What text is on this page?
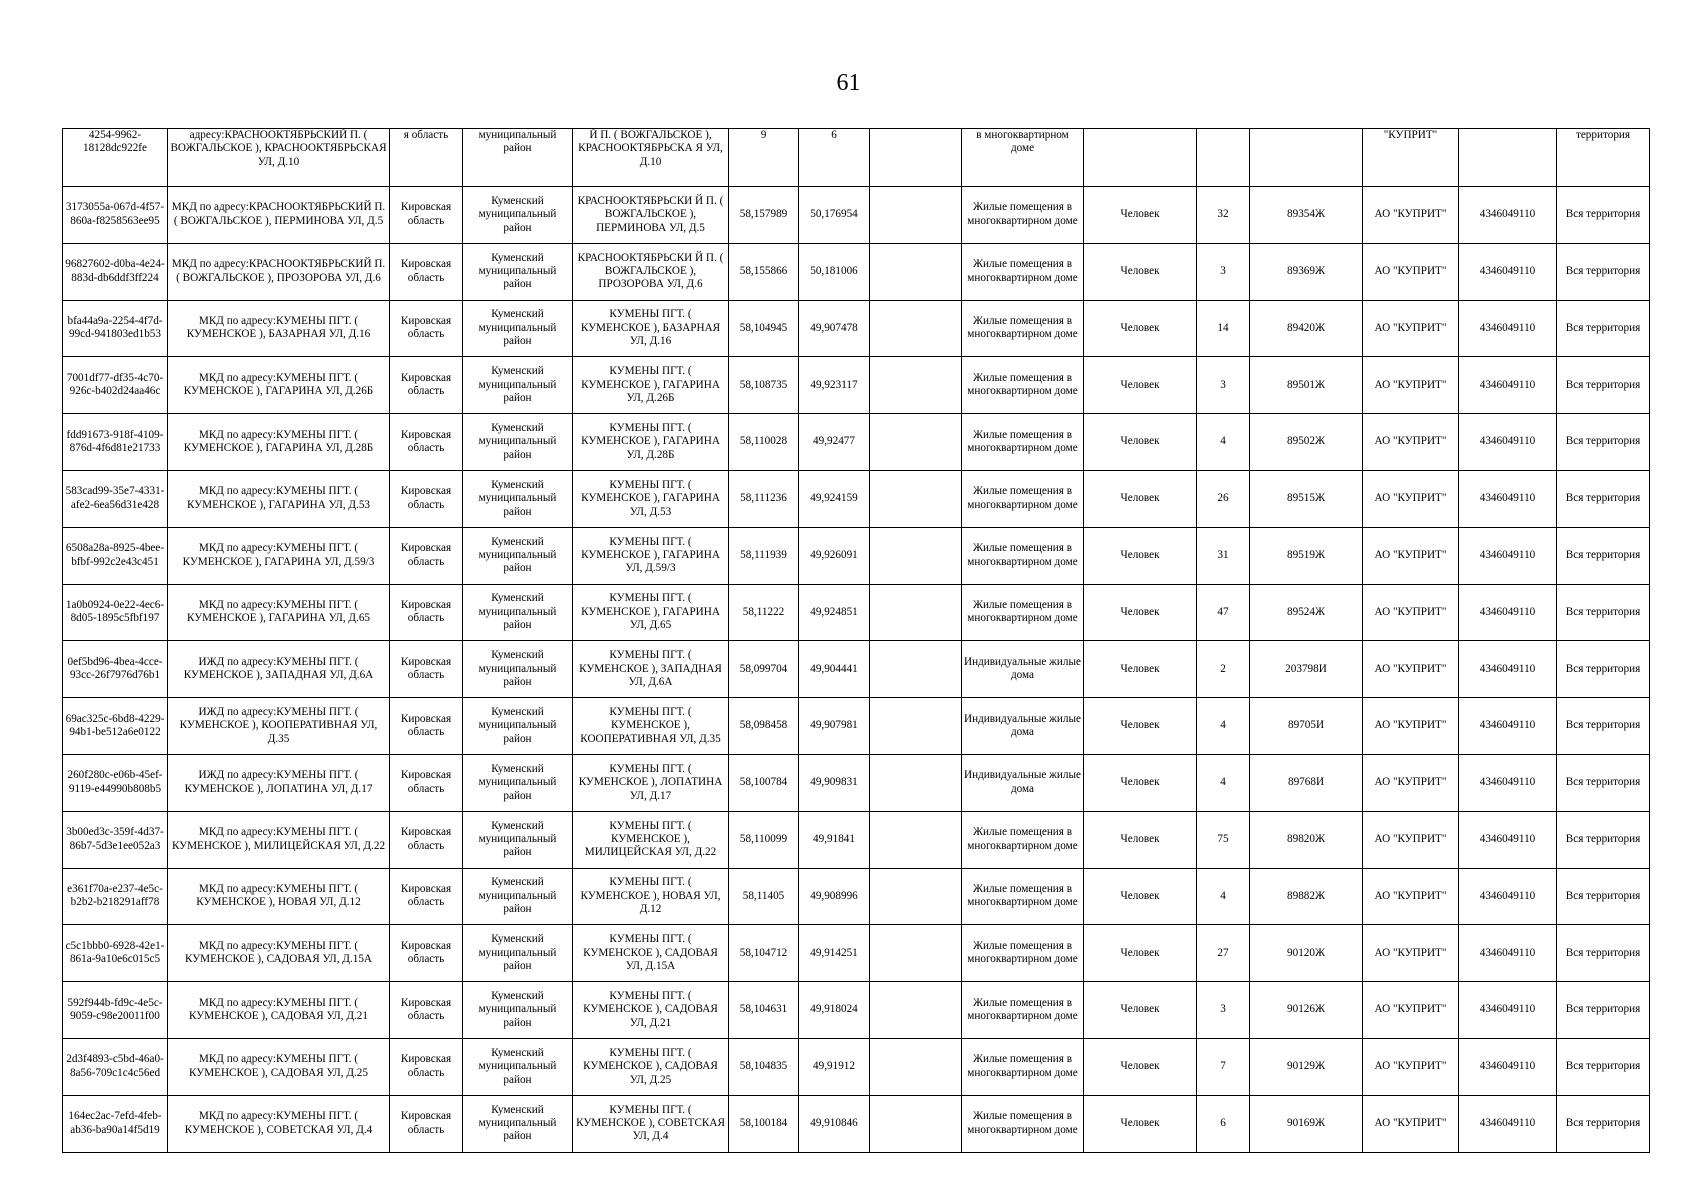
61
4254-9962-18128dc922fe	адресу:КРАСНООКТЯБРЬСКИЙ П. ( ВОЖГАЛЬСКОЕ ), КРАСНООКТЯБРЬСКАЯ УЛ, Д.10	я область	муниципальный район	Й П. ( ВОЖГАЛЬСКОЕ ), КРАСНООКТЯБРЬСКА Я УЛ, Д.10	9	6		в многоквартирном доме				"КУПРИТ"		территория
3173055a-067d-4f57-860a-f8258563ee95	МКД по адресу:КРАСНООКТЯБРЬСКИЙ П. ( ВОЖГАЛЬСКОЕ ), ПЕРМИНОВА УЛ, Д.5	Кировская область	Куменский муниципальный район	КРАСНООКТЯБРЬСКИ Й П. ( ВОЖГАЛЬСКОЕ ), ПЕРМИНОВА УЛ, Д.5	58,157989	50,176954		Жилые помещения в многоквартирном доме	Человек	32	89354Ж	АО "КУПРИТ"	4346049110	Вся территория
96827602-d0ba-4e24-883d-db6ddf3ff224	МКД по адресу:КРАСНООКТЯБРЬСКИЙ П. ( ВОЖГАЛЬСКОЕ ), ПРОЗОРОВА УЛ, Д.6	Кировская область	Куменский муниципальный район	КРАСНООКТЯБРЬСКИ Й П. ( ВОЖГАЛЬСКОЕ ), ПРОЗОРОВА УЛ, Д.6	58,155866	50,181006		Жилые помещения в многоквартирном доме	Человек	3	89369Ж	АО "КУПРИТ"	4346049110	Вся территория
bfa44a9a-2254-4f7d-99cd-941803ed1b53	МКД по адресу:КУМЕНЫ ПГТ. ( КУМЕНСКОЕ ), БАЗАРНАЯ УЛ, Д.16	Кировская область	Куменский муниципальный район	КУМЕНЫ ПГТ. ( КУМЕНСКОЕ ), БАЗАРНАЯ УЛ, Д.16	58,104945	49,907478		Жилые помещения в многоквартирном доме	Человек	14	89420Ж	АО "КУПРИТ"	4346049110	Вся территория
7001df77-df35-4c70-926c-b402d24aa46c	МКД по адресу:КУМЕНЫ ПГТ. ( КУМЕНСКОЕ ), ГАГАРИНА УЛ, Д.26Б	Кировская область	Куменский муниципальный район	КУМЕНЫ ПГТ. ( КУМЕНСКОЕ ), ГАГАРИНА УЛ, Д.26Б	58,108735	49,923117		Жилые помещения в многоквартирном доме	Человек	3	89501Ж	АО "КУПРИТ"	4346049110	Вся территория
fdd91673-918f-4109-876d-4f6d81e21733	МКД по адресу:КУМЕНЫ ПГТ. ( КУМЕНСКОЕ ), ГАГАРИНА УЛ, Д.28Б	Кировская область	Куменский муниципальный район	КУМЕНЫ ПГТ. ( КУМЕНСКОЕ ), ГАГАРИНА УЛ, Д.28Б	58,110028	49,92477		Жилые помещения в многоквартирном доме	Человек	4	89502Ж	АО "КУПРИТ"	4346049110	Вся территория
583cad99-35e7-4331-afe2-6ea56d31e428	МКД по адресу:КУМЕНЫ ПГТ. ( КУМЕНСКОЕ ), ГАГАРИНА УЛ, Д.53	Кировская область	Куменский муниципальный район	КУМЕНЫ ПГТ. ( КУМЕНСКОЕ ), ГАГАРИНА УЛ, Д.53	58,111236	49,924159		Жилые помещения в многоквартирном доме	Человек	26	89515Ж	АО "КУПРИТ"	4346049110	Вся территория
6508a28a-8925-4bee-bfbf-992c2e43c451	МКД по адресу:КУМЕНЫ ПГТ. ( КУМЕНСКОЕ ), ГАГАРИНА УЛ, Д.59/3	Кировская область	Куменский муниципальный район	КУМЕНЫ ПГТ. ( КУМЕНСКОЕ ), ГАГАРИНА УЛ, Д.59/3	58,111939	49,926091		Жилые помещения в многоквартирном доме	Человек	31	89519Ж	АО "КУПРИТ"	4346049110	Вся территория
1a0b0924-0e22-4ec6-8d05-1895c5fbf197	МКД по адресу:КУМЕНЫ ПГТ. ( КУМЕНСКОЕ ), ГАГАРИНА УЛ, Д.65	Кировская область	Куменский муниципальный район	КУМЕНЫ ПГТ. ( КУМЕНСКОЕ ), ГАГАРИНА УЛ, Д.65	58,11222	49,924851		Жилые помещения в многоквартирном доме	Человек	47	89524Ж	АО "КУПРИТ"	4346049110	Вся территория
0ef5bd96-4bea-4cce-93cc-26f7976d76b1	ИЖД по адресу:КУМЕНЫ ПГТ. ( КУМЕНСКОЕ ), ЗАПАДНАЯ УЛ, Д.6А	Кировская область	Куменский муниципальный район	КУМЕНЫ ПГТ. ( КУМЕНСКОЕ ), ЗАПАДНАЯ УЛ, Д.6А	58,099704	49,904441		Индивидуальные жилые дома	Человек	2	203798И	АО "КУПРИТ"	4346049110	Вся территория
69ac325c-6bd8-4229-94b1-be512a6e0122	ИЖД по адресу:КУМЕНЫ ПГТ. ( КУМЕНСКОЕ ), КООПЕРАТИВНАЯ УЛ, Д.35	Кировская область	Куменский муниципальный район	КУМЕНЫ ПГТ. ( КУМЕНСКОЕ ), КООПЕРАТИВНАЯ УЛ, Д.35	58,098458	49,907981		Индивидуальные жилые дома	Человек	4	89705И	АО "КУПРИТ"	4346049110	Вся территория
260f280c-e06b-45ef-9119-e44990b808b5	ИЖД по адресу:КУМЕНЫ ПГТ. ( КУМЕНСКОЕ ), ЛОПАТИНА УЛ, Д.17	Кировская область	Куменский муниципальный район	КУМЕНЫ ПГТ. ( КУМЕНСКОЕ ), ЛОПАТИНА УЛ, Д.17	58,100784	49,909831		Индивидуальные жилые дома	Человек	4	89768И	АО "КУПРИТ"	4346049110	Вся территория
3b00ed3c-359f-4d37-86b7-5d3e1ee052a3	МКД по адресу:КУМЕНЫ ПГТ. ( КУМЕНСКОЕ ), МИЛИЦЕЙСКАЯ УЛ, Д.22	Кировская область	Куменский муниципальный район	КУМЕНЫ ПГТ. ( КУМЕНСКОЕ ), МИЛИЦЕЙСКАЯ УЛ, Д.22	58,110099	49,91841		Жилые помещения в многоквартирном доме	Человек	75	89820Ж	АО "КУПРИТ"	4346049110	Вся территория
e361f70a-e237-4e5c-b2b2-b218291aff78	МКД по адресу:КУМЕНЫ ПГТ. ( КУМЕНСКОЕ ), НОВАЯ УЛ, Д.12	Кировская область	Куменский муниципальный район	КУМЕНЫ ПГТ. ( КУМЕНСКОЕ ), НОВАЯ УЛ, Д.12	58,11405	49,908996		Жилые помещения в многоквартирном доме	Человек	4	89882Ж	АО "КУПРИТ"	4346049110	Вся территория
c5c1bbb0-6928-42e1-861a-9a10e6c015c5	МКД по адресу:КУМЕНЫ ПГТ. ( КУМЕНСКОЕ ), САДОВАЯ УЛ, Д.15А	Кировская область	Куменский муниципальный район	КУМЕНЫ ПГТ. ( КУМЕНСКОЕ ), САДОВАЯ УЛ, Д.15А	58,104712	49,914251		Жилые помещения в многоквартирном доме	Человек	27	90120Ж	АО "КУПРИТ"	4346049110	Вся территория
592f944b-fd9c-4e5c-9059-c98e20011f00	МКД по адресу:КУМЕНЫ ПГТ. ( КУМЕНСКОЕ ), САДОВАЯ УЛ, Д.21	Кировская область	Куменский муниципальный район	КУМЕНЫ ПГТ. ( КУМЕНСКОЕ ), САДОВАЯ УЛ, Д.21	58,104631	49,918024		Жилые помещения в многоквартирном доме	Человек	3	90126Ж	АО "КУПРИТ"	4346049110	Вся территория
2d3f4893-c5bd-46a0-8a56-709c1c4c56ed	МКД по адресу:КУМЕНЫ ПГТ. ( КУМЕНСКОЕ ), САДОВАЯ УЛ, Д.25	Кировская область	Куменский муниципальный район	КУМЕНЫ ПГТ. ( КУМЕНСКОЕ ), САДОВАЯ УЛ, Д.25	58,104835	49,91912		Жилые помещения в многоквартирном доме	Человек	7	90129Ж	АО "КУПРИТ"	4346049110	Вся территория
164ec2ac-7efd-4feb-ab36-ba90a14f5d19	МКД по адресу:КУМЕНЫ ПГТ. ( КУМЕНСКОЕ ), СОВЕТСКАЯ УЛ, Д.4	Кировская область	Куменский муниципальный район	КУМЕНЫ ПГТ. ( КУМЕНСКОЕ ), СОВЕТСКАЯ УЛ, Д.4	58,100184	49,910846		Жилые помещения в многоквартирном доме	Человек	6	90169Ж	АО "КУПРИТ"	4346049110	Вся территория
